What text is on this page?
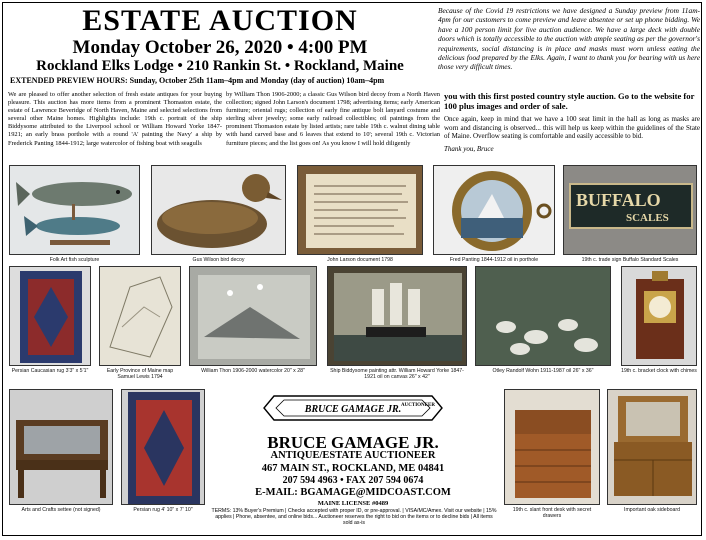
ESTATE AUCTION
Monday October 26, 2020 • 4:00 PM
Rockland Elks Lodge • 210 Rankin St. • Rockland, Maine
EXTENDED PREVIEW HOURS: Sunday, October 25th 11am–4pm and Monday (day of auction) 10am–4pm
Because of the Covid 19 restrictions we have designed a Sunday preview from 11am-4pm for our customers to come preview and leave absentee or set up phone bidding. We have a 100 person limit for live auction audience. We have a large deck with double doors which is totally accessible to the auction with ample seating as per the governor's requirements, social distancing is in place and masks must worn unless eating the delicious food prepared by the Elks. Again, I want to thank you for bearing with us here those very difficult times.
We are pleased to offer another selection of fresh estate antiques for your buying pleasure. This auction has more items from a prominent Thomaston estate, the estate of Lawrence Beveridge of North Haven, Maine and selected selections from several other Maine homes. Highlights include: 19th c. portrait of the ship Biddysome attributed to the Liverpool school or William Howard Yorke 1847-1921; an early brass porthole with a round 'A' painting the Navy' a ship by Frederick Panting 1844-1912; large watercolor of fishing boat with seagulls
by William Thon 1906-2000; a classic Gus Wilson bird decoy from a North Haven collection; signed John Larson's document 1798; advertising items; early American furniture; oriental rugs; collection of early fine antique bolt lanyard costume and sterling silver jewelry; some early railroad collectibles; oil paintings from the prominent Thomaston estate by listed artists; rare table 19th c. walnut dining table with hand carved base and 6 leaves that extend to 10'; several 19th c. Victorian furniture pieces; and the list goes on! As you know I will hold diligently
you with this first posted country style auction. Go to the website for 100 plus images and order of sale.
Once again, keep in mind that we have a 100 seat limit in the hall as long as masks are worn and distancing is observed... this will help us keep within the guidelines of the State of Maine. Overflow seating is comfortable and easily accessible to bid.
Thank you, Bruce
Folk Art fish sculpture	Gus Wilson bird decoy	John Larson document 1798	Fred Panting 1844-1912 oil in porthole
BUFFALO
SCALES
19th c. trade sign Buffalo Standard Scales
Persian Caucasian rug 3'3" x 5'1"	Early Province of Maine map Samuel Lewis 1794
William Thon 1906-2000 watercolor 20" x 28"	Ship Biddysome painting attr. William Howard Yorke 1847-1921 oil on canvas 26" x 42"
Otley Randolf Wohn 1911-1987 oil 26" x 36"	19th c. bracket clock with chimes
Arts and Crafts settee (not signed)	Persian rug 4' 10" x 7' 10"	19th c. slant front desk with secret drawers
Important oak sideboard
BRUCE GAMAGE JR. AUCTIONEER
BRUCE GAMAGE JR.
ANTIQUE/ESTATE AUCTIONEER
467 MAIN ST., ROCKLAND, ME 04841
207 594 4963 • FAX 207 594 0674
E-MAIL: BGAMAGE@MIDCOAST.COM
MAINE LICENSE #0489
TERMS: 13% Buyer's Premium | Checks accepted with proper ID, or pre-approval. | VISA/MC/Amex. Visit our website | 15% applies | Phone, absentee, and online bids... Auctioneer reserves the right to bid on the items or to decline bids | All items sold as-is
